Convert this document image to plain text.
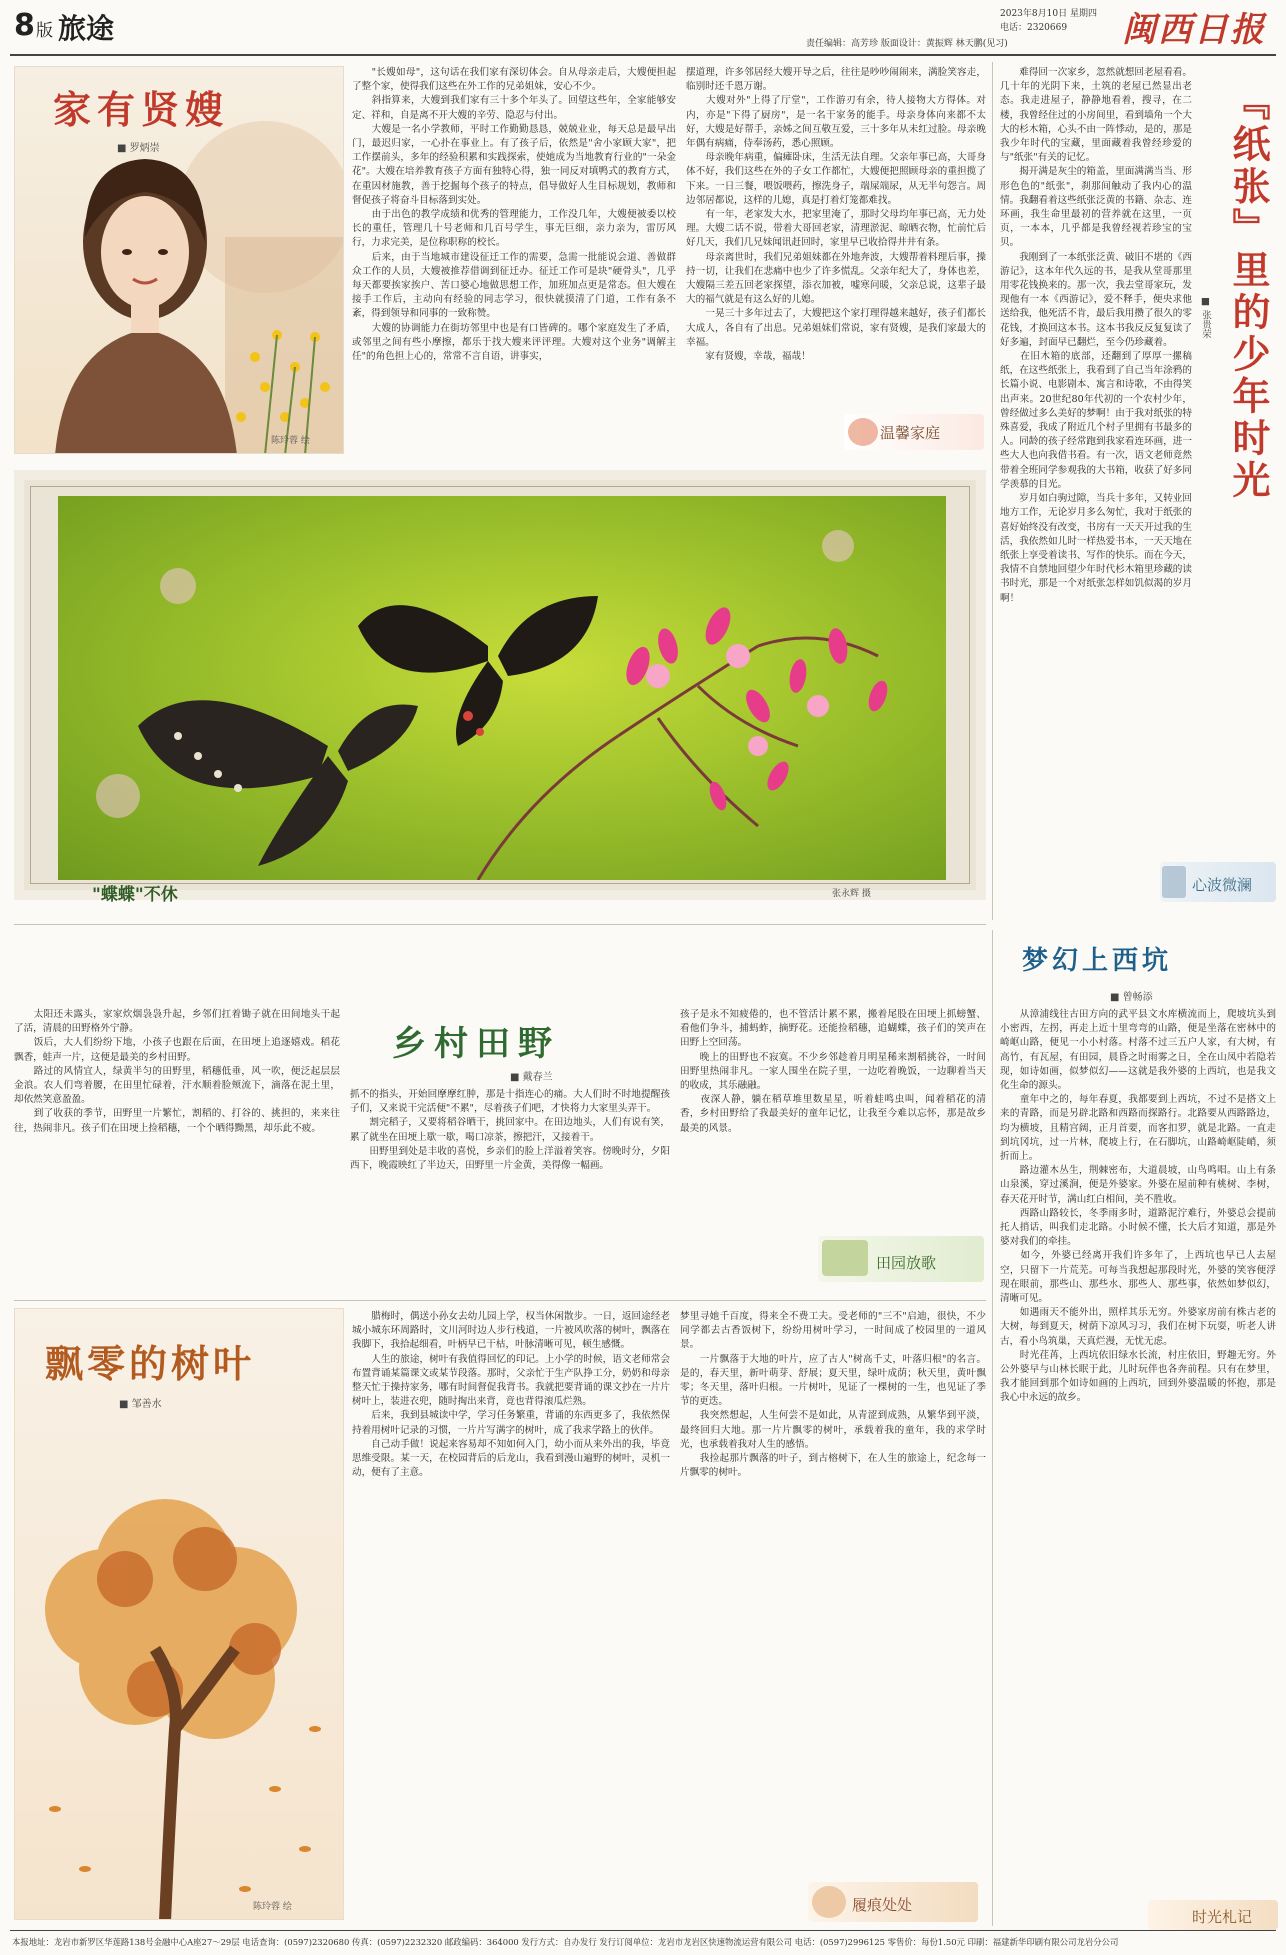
8 版 旅途	2023年8月10日 星期四
电话：2320669
责任编辑：高芳珍 版面设计：黄振辉 林天鹏(见习)	闽西日报
家有贤嫂
■ 罗炳崇
陈玲蓉 绘
　　"长嫂如母"，这句话在我们家有深切体会。自从母亲走后，大嫂便担起了整个家，使得我们这些在外工作的兄弟姐妹，安心不少。
　　斜指算来，大嫂到我们家有三十多个年头了。回望这些年，全家能够安定、祥和，自是离不开大嫂的辛劳、隐忍与付出。
　　大嫂是一名小学教师，平时工作勤勤恳恳，兢兢业业，每天总是最早出门，最迟归家，一心扑在事业上。有了孩子后，依然是"舍小家顾大家"，把工作摆前头，多年的经验积累和实践探索，使她成为当地教育行业的"一朵金花"。大嫂在培养教育孩子方面有独特心得，独一同反对填鸭式的教育方式，在重因材施教，善于挖掘每个孩子的特点，倡导做好人生目标规划，教师和督促孩子将奋斗目标落到实处。
　　由于出色的教学成绩和优秀的管理能力，工作没几年，大嫂便被委以校长的重任，管理几十号老师和几百号学生，事无巨细，亲力亲为，雷厉风行，力求完美，是位称职称的校长。
　　后来，由于当地城市建设征迁工作的需要，急需一批能说会道、善做群众工作的人员，大嫂被推荐借调到征迁办。征迁工作可是块"硬骨头"，几乎每天都要挨家挨户、苦口婆心地做思想工作，加班加点更是常态。但大嫂在接手工作后，主动向有经验的同志学习，很快就摸清了门道，工作有条不紊，得到领导和同事的一致称赞。
　　大嫂的协调能力在街坊邻里中也是有口皆碑的。哪个家庭发生了矛盾，或邻里之间有些小摩擦，都乐于找大嫂来评评理。大嫂对这个业务"调解主任"的角色担上心的，常常不言自语，讲事实，
摆道理，许多邻居经大嫂开导之后，往往是吵吵闹闹来，满脸笑容走，临别时还千恩万谢。
　　大嫂对外"上得了厅堂"，工作游刃有余，待人接物大方得体。对内，亦是"下得了厨房"，是一名干家务的能手。母亲身体向来都不太好，大嫂是好帮手，亲姊之间互敬互爱，三十多年从未红过脸。母亲晚年偶有病痛，侍奉汤药，悉心照顾。
　　母亲晚年病重，偏瘫卧床，生活无法自理。父亲年事已高，大哥身体不好，我们这些在外的子女工作都忙，大嫂便把照顾母亲的重担揽了下来。一日三餐，喂饭喂药，擦洗身子，端屎端尿，从无半句怨言。周边邻居都说，这样的儿媳，真是打着灯笼都难找。
　　有一年，老家发大水，把家里淹了，那时父母均年事已高，无力处理。大嫂二话不说，带着大哥回老家，清理淤泥、晾晒衣物，忙前忙后好几天，我们几兄妹闻讯赶回时，家里早已收拾得井井有条。
　　母亲离世时，我们兄弟姐妹都在外地奔波，大嫂帮着料理后事，操持一切，让我们在悲痛中也少了许多慌乱。父亲年纪大了，身体也差，大嫂隔三差五回老家探望，添衣加被，嘘寒问暖，父亲总说，这辈子最大的福气就是有这么好的儿媳。
　　一晃三十多年过去了，大嫂把这个家打理得越来越好，孩子们都长大成人，各自有了出息。兄弟姐妹们常说，家有贤嫂，是我们家最大的幸福。
　　家有贤嫂，幸哉，福哉！
温馨家庭	『纸张』里的少年时光
■ 张贵荣
　　难得回一次家乡，忽然就想回老屋看看。几十年的光阴下来，土筑的老屋已然显出老态。我走进屋子，静静地看着，搜寻，在二楼，我曾经住过的小房间里，看到墙角一个大大的杉木箱，心头不由一阵悸动，是的，那是我少年时代的宝藏，里面藏着我曾经珍爱的与"纸张"有关的记忆。
　　揭开满是灰尘的箱盖，里面满满当当、形形色色的"纸张"，刹那间触动了我内心的温情。我翻看着这些纸张泛黄的书籍、杂志、连环画，我生命里最初的营养就在这里，一页页，一本本，几乎都是我曾经视若珍宝的宝贝。
　　我刚到了一本纸张泛黄、破旧不堪的《西游记》，这本年代久远的书，是我从堂哥那里用零花钱换来的。那一次，我去堂哥家玩，发现他有一本《西游记》，爱不释手，便央求他送给我，他死活不肯，最后我用攒了很久的零花钱，才换回这本书。这本书我反反复复读了好多遍，封面早已翻烂，至今仍珍藏着。
　　在旧木箱的底部，还翻到了厚厚一摞稿纸，在这些纸张上，我看到了自己当年涂鸦的长篇小说、电影剧本、寓言和诗歌，不由得笑出声来。20世纪80年代初的一个农村少年，曾经做过多么美好的梦啊！由于我对纸张的特殊喜爱，我成了附近几个村子里拥有书最多的人。同龄的孩子经常跑到我家看连环画，进一些大人也向我借书看。有一次，语文老师竟然带着全班同学参观我的大书箱，收获了好多同学羡慕的目光。
　　岁月如白驹过隙，当兵十多年，又转业回地方工作，无论岁月多么匆忙，我对于纸张的喜好始终没有改变，书房有一天天开过我的生活，我依然如儿时一样热爱书本，一天天地在纸张上享受着读书、写作的快乐。而在今天，我情不自禁地回望少年时代杉木箱里珍藏的读书时光，那是一个对纸张怎样如饥似渴的岁月啊！
心波微澜
"蝶蝶"不休	张永辉 摄
梦幻上西坑
■ 曾畅添
　　从漳浦线往古田方向的武平县文水库横流而上，爬坡坑头到小密西，左拐，再走上近十里弯弯的山路，便是坐落在密林中的崎岖山路，便见一小小村落。村落不过三五户人家，有大树，有高竹，有瓦屋，有田园，晨昏之时雨雾之日，全在山凤中若隐若现，如诗如画，似梦似幻——这就是我外婆的上西坑，也是我文化生命的源头。
　　童年中之的，每年春夏，我都要到上西坑，不过不是搭文上来的青路，而是另辟北路和西路而探路行。北路要从西路路边，均为横坡，且精宫阔，正月首要，而客扣罗，就是北路。一直走到坑冈坑，过一片林，爬坡上行，在石脚坑，山路崎岖陡峭，须折而上。
　　路边灌木丛生，荆棘密布，大道晨坡，山鸟鸣唱。山上有条山泉溪，穿过溪涧，便是外婆家。外婆在屋前种有桃树、李树，春天花开时节，满山红白相间，美不胜收。
　　西路山路较长，冬季雨多时，道路泥泞难行，外婆总会提前托人捎话，叫我们走北路。小时候不懂，长大后才知道，那是外婆对我们的牵挂。
　　如今，外婆已经离开我们许多年了，上西坑也早已人去屋空，只留下一片荒芜。可每当我想起那段时光，外婆的笑容便浮现在眼前，那些山、那些水、那些人、那些事，依然如梦似幻，清晰可见。
　　如遇雨天不能外出，照样其乐无穷。外婆家房前有株古老的大树，每到夏天，树荫下凉风习习，我们在树下玩耍，听老人讲古，看小鸟筑巢，天真烂漫，无忧无虑。
　　时光荏苒，上西坑依旧绿水长流，村庄依旧，野趣无穷。外公外婆早与山林长眠于此，儿时玩伴也各奔前程。只有在梦里，我才能回到那个如诗如画的上西坑，回到外婆温暖的怀抱，那是我心中永远的故乡。
时光札记
乡村田野
■ 戴春兰
　　太阳还未露头，家家炊烟袅袅升起，乡邻们扛着锄子就在田间地头干起了活，清晨的田野格外宁静。
　　饭后，大人们纷纷下地，小孩子也跟在后面，在田埂上追逐嬉戏。稻花飘香，蛙声一片，这便是最美的乡村田野。
　　路过的风情宜人，绿黄半匀的田野里，稻穗低垂，风一吹，便泛起层层金浪。农人们弯着腰，在田里忙碌着，汗水顺着脸颊流下，滴落在泥土里，却依然笑意盈盈。
　　到了收获的季节，田野里一片繁忙，割稻的、打谷的、挑担的，来来往往，热闹非凡。孩子们在田埂上捡稻穗，一个个晒得黝黑，却乐此不疲。
抓不的指头，开始回摩摩红肿，那是十指连心的痛。大人们时不时地提醒孩子们，又来说干完活便"不累"，尽着孩子们吧，才快将力大家里头弄干。
　　割完稻子，又要将稻谷晒干，挑回家中。在田边地头，人们有说有笑，累了就坐在田埂上歇一歇，喝口凉茶，擦把汗，又接着干。
　　田野里到处是丰收的喜悦，乡亲们的脸上洋溢着笑容。傍晚时分，夕阳西下，晚霞映红了半边天，田野里一片金黄，美得像一幅画。
孩子是永不知疲倦的，也不管活计累不累，搬着尾股在田埂上抓螃蟹、看他们争斗，捕蚂蚱，摘野花。还能捡稻穗，追蝴蝶，孩子们的笑声在田野上空回荡。
　　晚上的田野也不寂寞。不少乡邻趁着月明星稀来割稻挑谷，一时间田野里热闹非凡。一家人围坐在院子里，一边吃着晚饭，一边聊着当天的收成，其乐融融。
　　夜深人静，躺在稻草堆里数星星，听着蛙鸣虫叫，闻着稻花的清香，乡村田野给了我最美好的童年记忆，让我至今难以忘怀，那是故乡最美的风景。
田园放歌
飘零的树叶
■ 邹善水
陈玲蓉 绘
　　腊梅时，偶送小孙女去幼儿园上学，权当休闲散步。一日，返回途经老城小城东环周路时，文川河时边人步行栈道，一片被风吹落的树叶，飘落在我脚下，我拾起细看，叶柄早已干枯，叶脉清晰可见，顿生感慨。
　　人生的旅途，树叶有我值得回忆的印记。上小学的时候，语文老师常会布置背诵某篇课文或某节段落。那时，父亲忙于生产队挣工分，奶奶和母亲整天忙于操持家务，哪有时间督促我背书。我就把要背诵的课文抄在一片片树叶上，装进衣兜，随时掏出来背，竟也背得滚瓜烂熟。
　　后来，我到县城读中学，学习任务繁重，背诵的东西更多了，我依然保持着用树叶记录的习惯，一片片写满字的树叶，成了我求学路上的伙伴。
　　自己动手做！说起来容易却不知如何入门，幼小而从来外出的我，毕竟思维受限。某一天，在校园背后的后龙山，我看到漫山遍野的树叶，灵机一动，便有了主意。
梦里寻她千百度，得来全不费工夫。受老师的"三不"启迪，很快，不少同学都去古香饭树下，纷纷用树叶学习，一时间成了校园里的一道风景。
　　一片飘落于大地的叶片，应了古人"树高千丈，叶落归根"的名言。是的，春天里，新叶萌芽、舒展；夏天里，绿叶成荫；秋天里，黄叶飘零；冬天里，落叶归根。一片树叶，见证了一棵树的一生，也见证了季节的更迭。
　　我突然想起，人生何尝不是如此，从青涩到成熟，从繁华到平淡，最终回归大地。那一片片飘零的树叶，承载着我的童年，我的求学时光，也承载着我对人生的感悟。
　　我捡起那片飘落的叶子，到古榕树下，在人生的旅途上，纪念每一片飘零的树叶。
履痕处处
本报地址：龙岩市新罗区华莲路138号金融中心A座27～29层 电话查询：(0597)2320680 传真：(0597)2232320 邮政编码：364000 发行方式：自办发行 发行订阅单位：龙岩市龙岩区快速物流运营有限公司 电话：(0597)2996125 零售价：每份1.50元 印刷：福建新华印刷有限公司龙岩分公司
